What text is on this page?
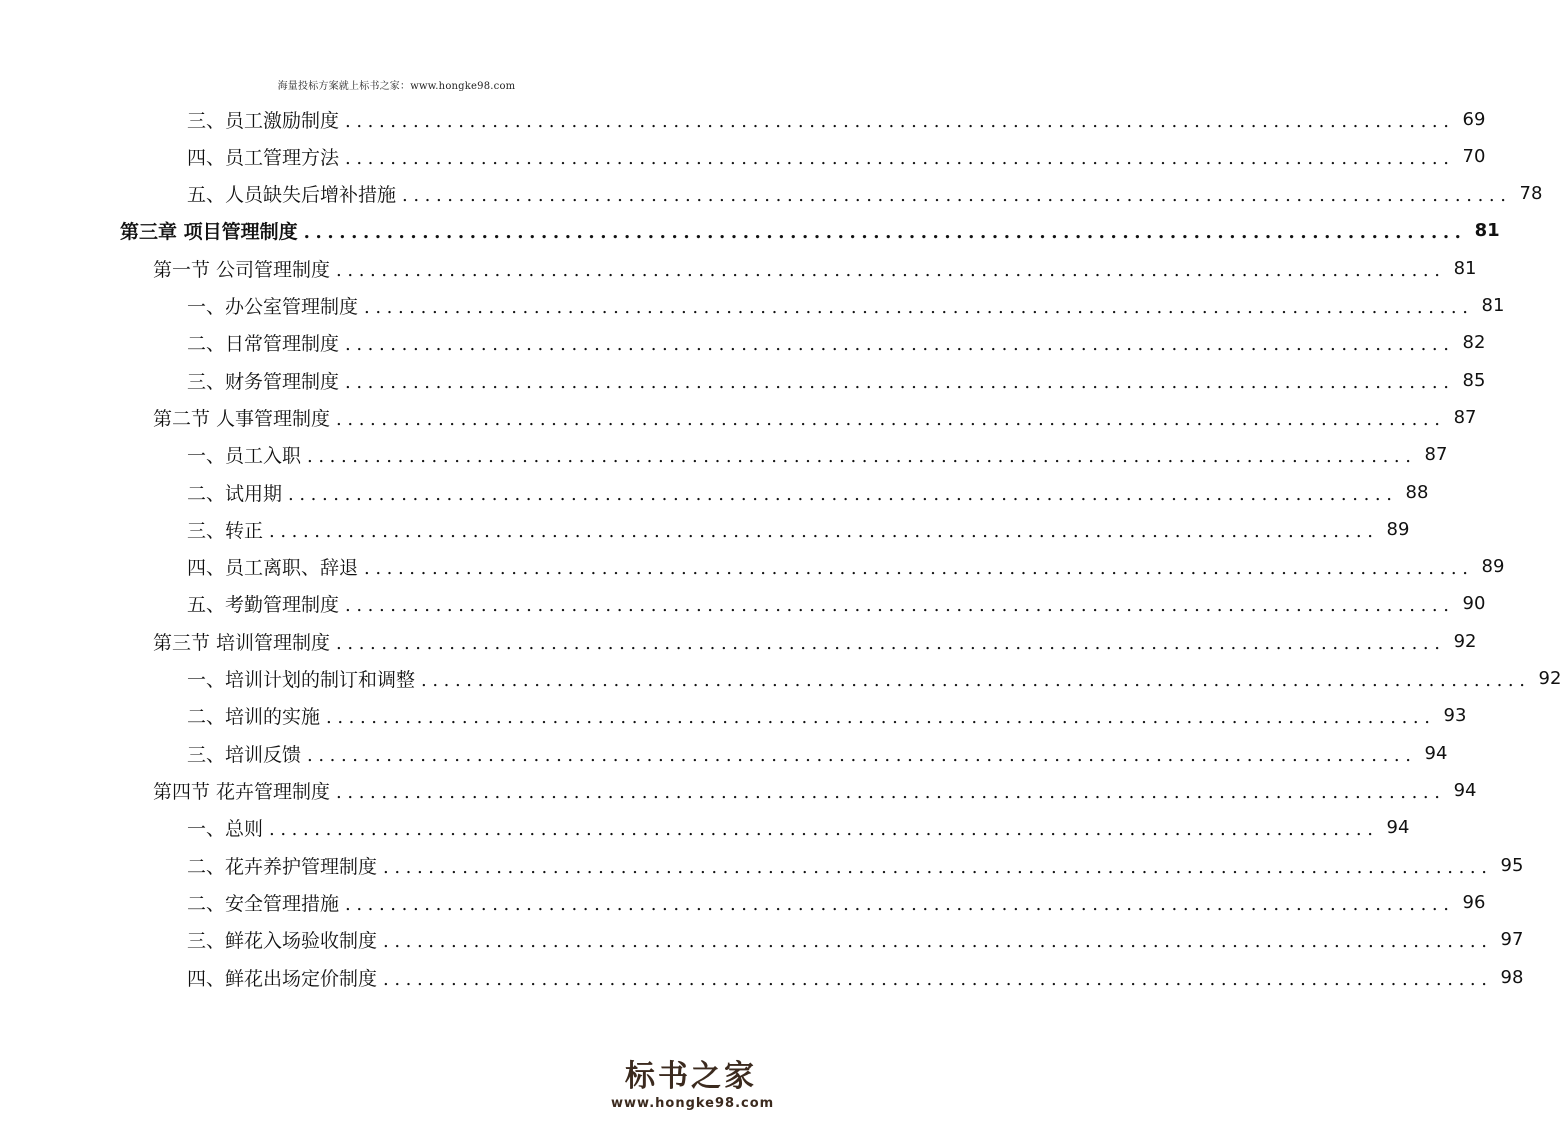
海量投标方案就上标书之家：www.hongke98.com
三、员工激励制度 .................................................................................................. 69
四、员工管理方法 .................................................................................................. 70
五、人员缺失后增补措施 .................................................................................................. 78
第三章 项目管理制度 .................................................................................................. 81
第一节 公司管理制度 .................................................................................................. 81
一、办公室管理制度 .................................................................................................. 81
二、日常管理制度 .................................................................................................. 82
三、财务管理制度 .................................................................................................. 85
第二节 人事管理制度 .................................................................................................. 87
一、员工入职 .................................................................................................. 87
二、试用期 .................................................................................................. 88
三、转正 .................................................................................................. 89
四、员工离职、辞退 .................................................................................................. 89
五、考勤管理制度 .................................................................................................. 90
第三节 培训管理制度 .................................................................................................. 92
一、培训计划的制订和调整 .................................................................................................. 92
二、培训的实施 .................................................................................................. 93
三、培训反馈 .................................................................................................. 94
第四节 花卉管理制度 .................................................................................................. 94
一、总则 .................................................................................................. 94
二、花卉养护管理制度 .................................................................................................. 95
二、安全管理措施 .................................................................................................. 96
三、鲜花入场验收制度 .................................................................................................. 97
四、鲜花出场定价制度 .................................................................................................. 98
标书之家
www.hongke98.com
